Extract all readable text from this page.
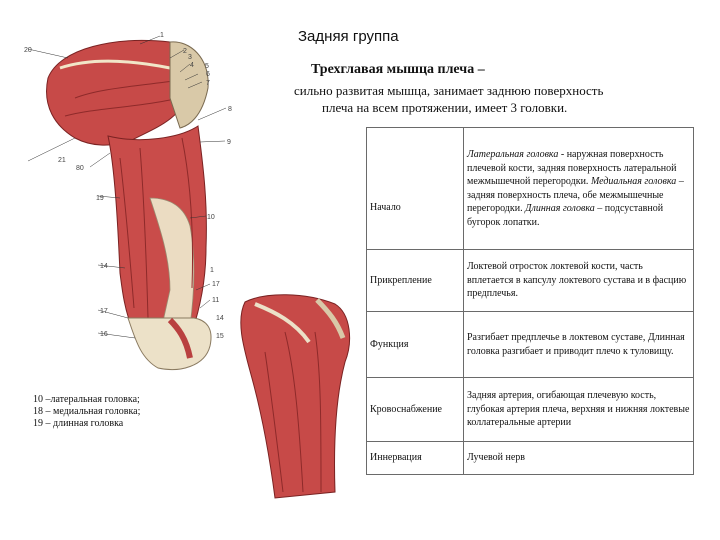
20
1
2
3
4 5
6
7
8
9
21
80
19
10
14
1
17
11
17
16
14
15
Задняя группа
Трехглавая мышца плеча –
сильно развитая мышца, занимает заднюю поверхность
плеча на всем протяжении, имеет 3 головки.
10 –латеральная головка;
18 – медиальная головка;
19 – длинная головка
Начало	Латеральная головка - наружная поверхность плечевой кости, задняя поверхность латеральной межмышечной перегородки. Медиальная головка – задняя поверхность плеча, обе межмышечные перегородки. Длинная головка – подсуставной бугорок лопатки.
Прикрепление	Локтевой отросток локтевой кости, часть вплетается в капсулу локтевого сустава и в фасцию предплечья.
Функция	Разгибает предплечье в локтевом суставе, Длинная головка разгибает и приводит плечо к туловищу.
Кровоснабжение	Задняя артерия, огибающая плечевую кость, глубокая артерия плеча, верхняя и нижняя локтевые коллатеральные артерии
Иннервация	Лучевой нерв
